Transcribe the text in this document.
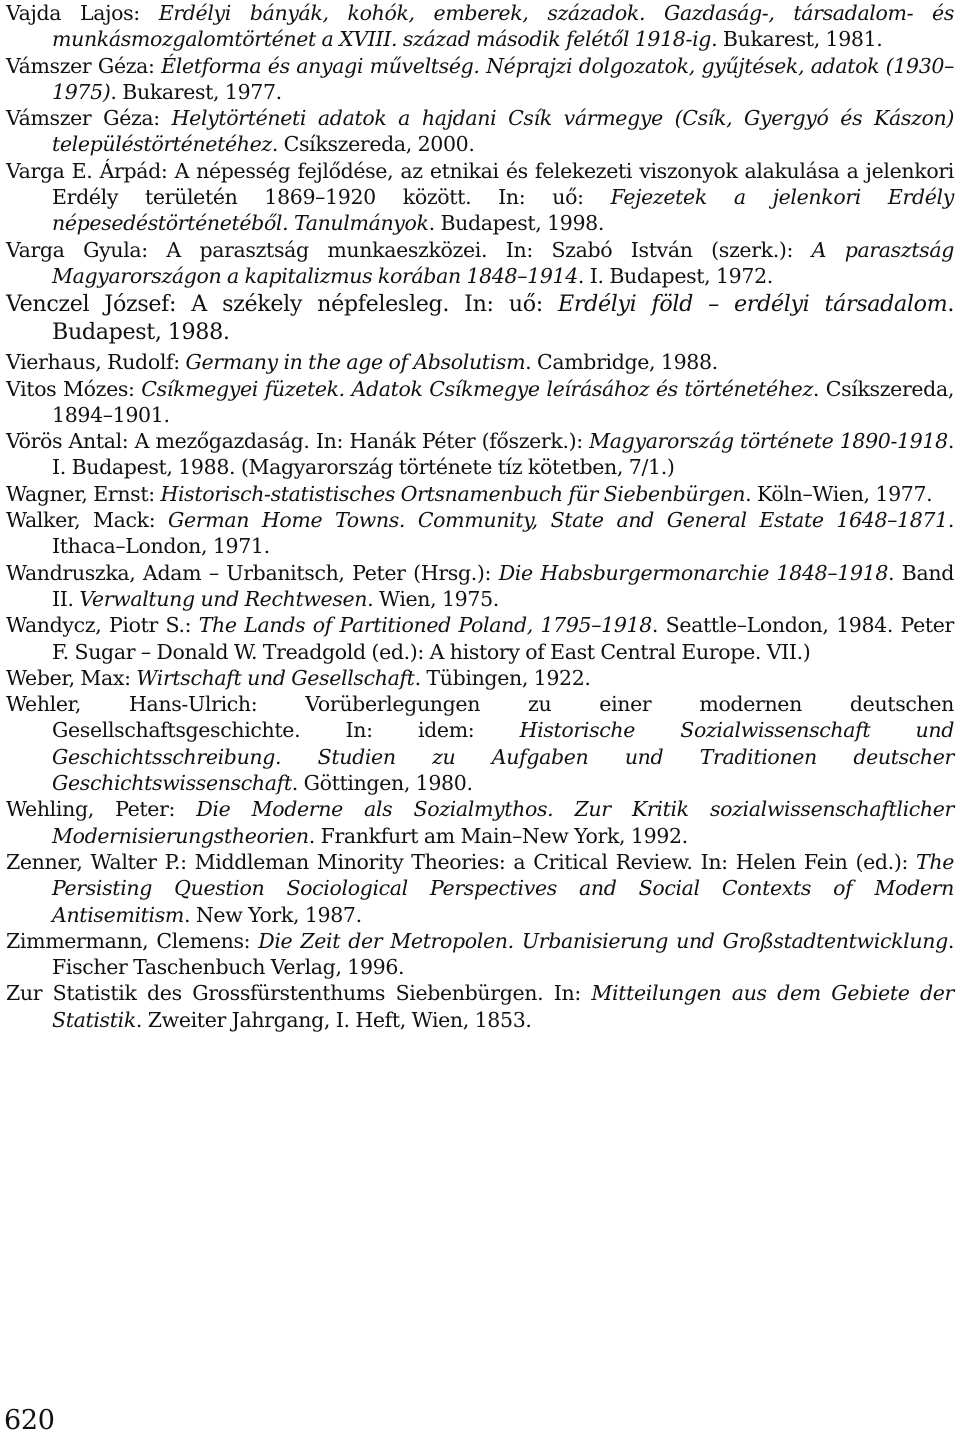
Vajda Lajos: Erdélyi bányák, kohók, emberek, századok. Gazdaság-, társadalom- és munkásmozgalomtörténet a XVIII. század második felétől 1918-ig. Bukarest, 1981.
Vámszer Géza: Életforma és anyagi műveltség. Néprajzi dolgozatok, gyűjtések, adatok (1930–1975). Bukarest, 1977.
Vámszer Géza: Helytörténeti adatok a hajdani Csík vármegye (Csík, Gyergyó és Kászon) településtörténetéhez. Csíkszereda, 2000.
Varga E. Árpád: A népesség fejlődése, az etnikai és felekezeti viszonyok alakulása a jelenkori Erdély területén 1869–1920 között. In: uő: Fejezetek a jelenkori Erdély népesedéstörténetéből. Tanulmányok. Budapest, 1998.
Varga Gyula: A parasztság munkaeszközei. In: Szabó István (szerk.): A parasztság Magyarországon a kapitalizmus korában 1848–1914. I. Budapest, 1972.
Venczel József: A székely népfelesleg. In: uő: Erdélyi föld – erdélyi társadalom. Budapest, 1988.
Vierhaus, Rudolf: Germany in the age of Absolutism. Cambridge, 1988.
Vitos Mózes: Csíkmegyei füzetek. Adatok Csíkmegye leírásához és történetéhez. Csíkszereda, 1894–1901.
Vörös Antal: A mezőgazdaság. In: Hanák Péter (főszerk.): Magyarország története 1890-1918. I. Budapest, 1988. (Magyarország története tíz kötetben, 7/1.)
Wagner, Ernst: Historisch-statistisches Ortsnamenbuch für Siebenbürgen. Köln–Wien, 1977.
Walker, Mack: German Home Towns. Community, State and General Estate 1648–1871. Ithaca–London, 1971.
Wandruszka, Adam – Urbanitsch, Peter (Hrsg.): Die Habsburgermonarchie 1848–1918. Band II. Verwaltung und Rechtwesen. Wien, 1975.
Wandycz, Piotr S.: The Lands of Partitioned Poland, 1795–1918. Seattle–London, 1984. Peter F. Sugar – Donald W. Treadgold (ed.): A history of East Central Europe. VII.)
Weber, Max: Wirtschaft und Gesellschaft. Tübingen, 1922.
Wehler, Hans-Ulrich: Vorüberlegungen zu einer modernen deutschen Gesellschaftsgeschichte. In: idem: Historische Sozialwissenschaft und Geschichtsschreibung. Studien zu Aufgaben und Traditionen deutscher Geschichtswissenschaft. Göttingen, 1980.
Wehling, Peter: Die Moderne als Sozialmythos. Zur Kritik sozialwissenschaftlicher Modernisierungstheorien. Frankfurt am Main–New York, 1992.
Zenner, Walter P.: Middleman Minority Theories: a Critical Review. In: Helen Fein (ed.): The Persisting Question Sociological Perspectives and Social Contexts of Modern Antisemitism. New York, 1987.
Zimmermann, Clemens: Die Zeit der Metropolen. Urbanisierung und Großstadtentwicklung. Fischer Taschenbuch Verlag, 1996.
Zur Statistik des Grossfürstenthums Siebenbürgen. In: Mitteilungen aus dem Gebiete der Statistik. Zweiter Jahrgang, I. Heft, Wien, 1853.
620
